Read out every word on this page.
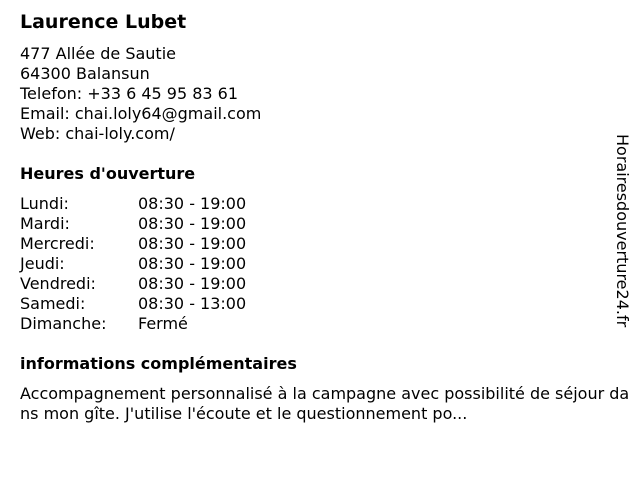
Laurence Lubet
477 Allée de Sautie
64300 Balansun
Telefon: +33 6 45 95 83 61
Email: chai.loly64@gmail.com
Web: chai-loly.com/
Heures d'ouverture
Lundi:	08:30 - 19:00
Mardi:	08:30 - 19:00
Mercredi:	08:30 - 19:00
Jeudi:	08:30 - 19:00
Vendredi:	08:30 - 19:00
Samedi:	08:30 - 13:00
Dimanche: Fermé
informations complémentaires
Accompagnement personnalisé à la campagne avec possibilité de séjour dans mon gîte. J'utilise l'écoute et le questionnement po...
Horairesdouverture24.fr
